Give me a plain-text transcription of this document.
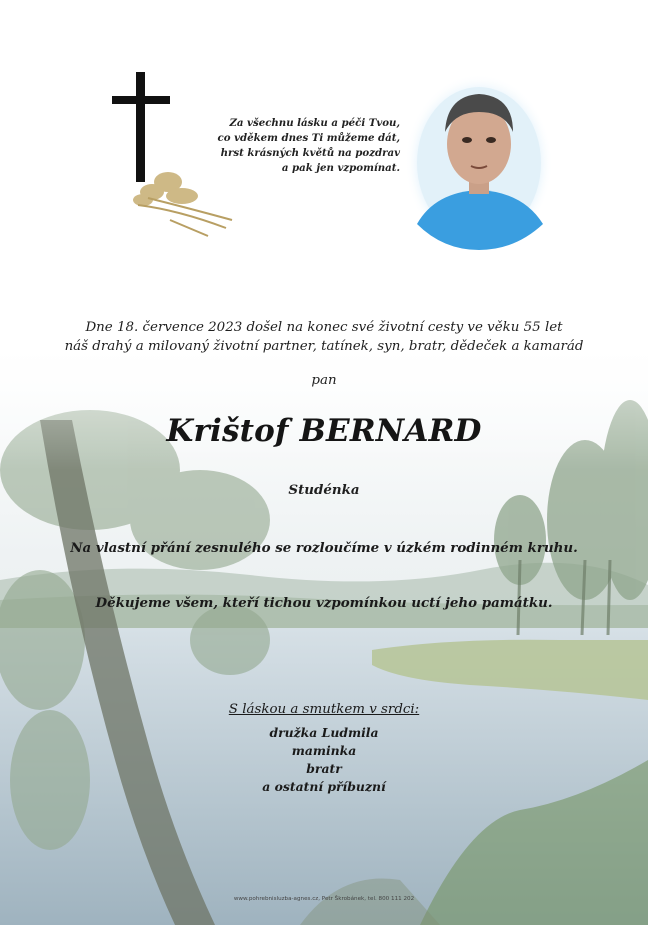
Za všechnu lásku a péči Tvou,
co vděkem dnes Ti můžeme dát,
hrst krásných květů na pozdrav
a pak jen vzpomínat.
Dne 18. července 2023 došel na konec své životní cesty ve věku 55 let
náš drahý a milovaný životní partner, tatínek, syn, bratr, dědeček a kamarád
pan
Krištof BERNARD
Studénka
Na vlastní přání zesnulého se rozloučíme v úzkém rodinném kruhu.
Děkujeme všem, kteří tichou vzpomínkou uctí jeho památku.
S láskou a smutkem v srdci:
družka Ludmila
maminka
bratr
a ostatní příbuzní
www.pohrebnisluzba-agnes.cz, Petr Škrobánek, tel. 800 111 202
